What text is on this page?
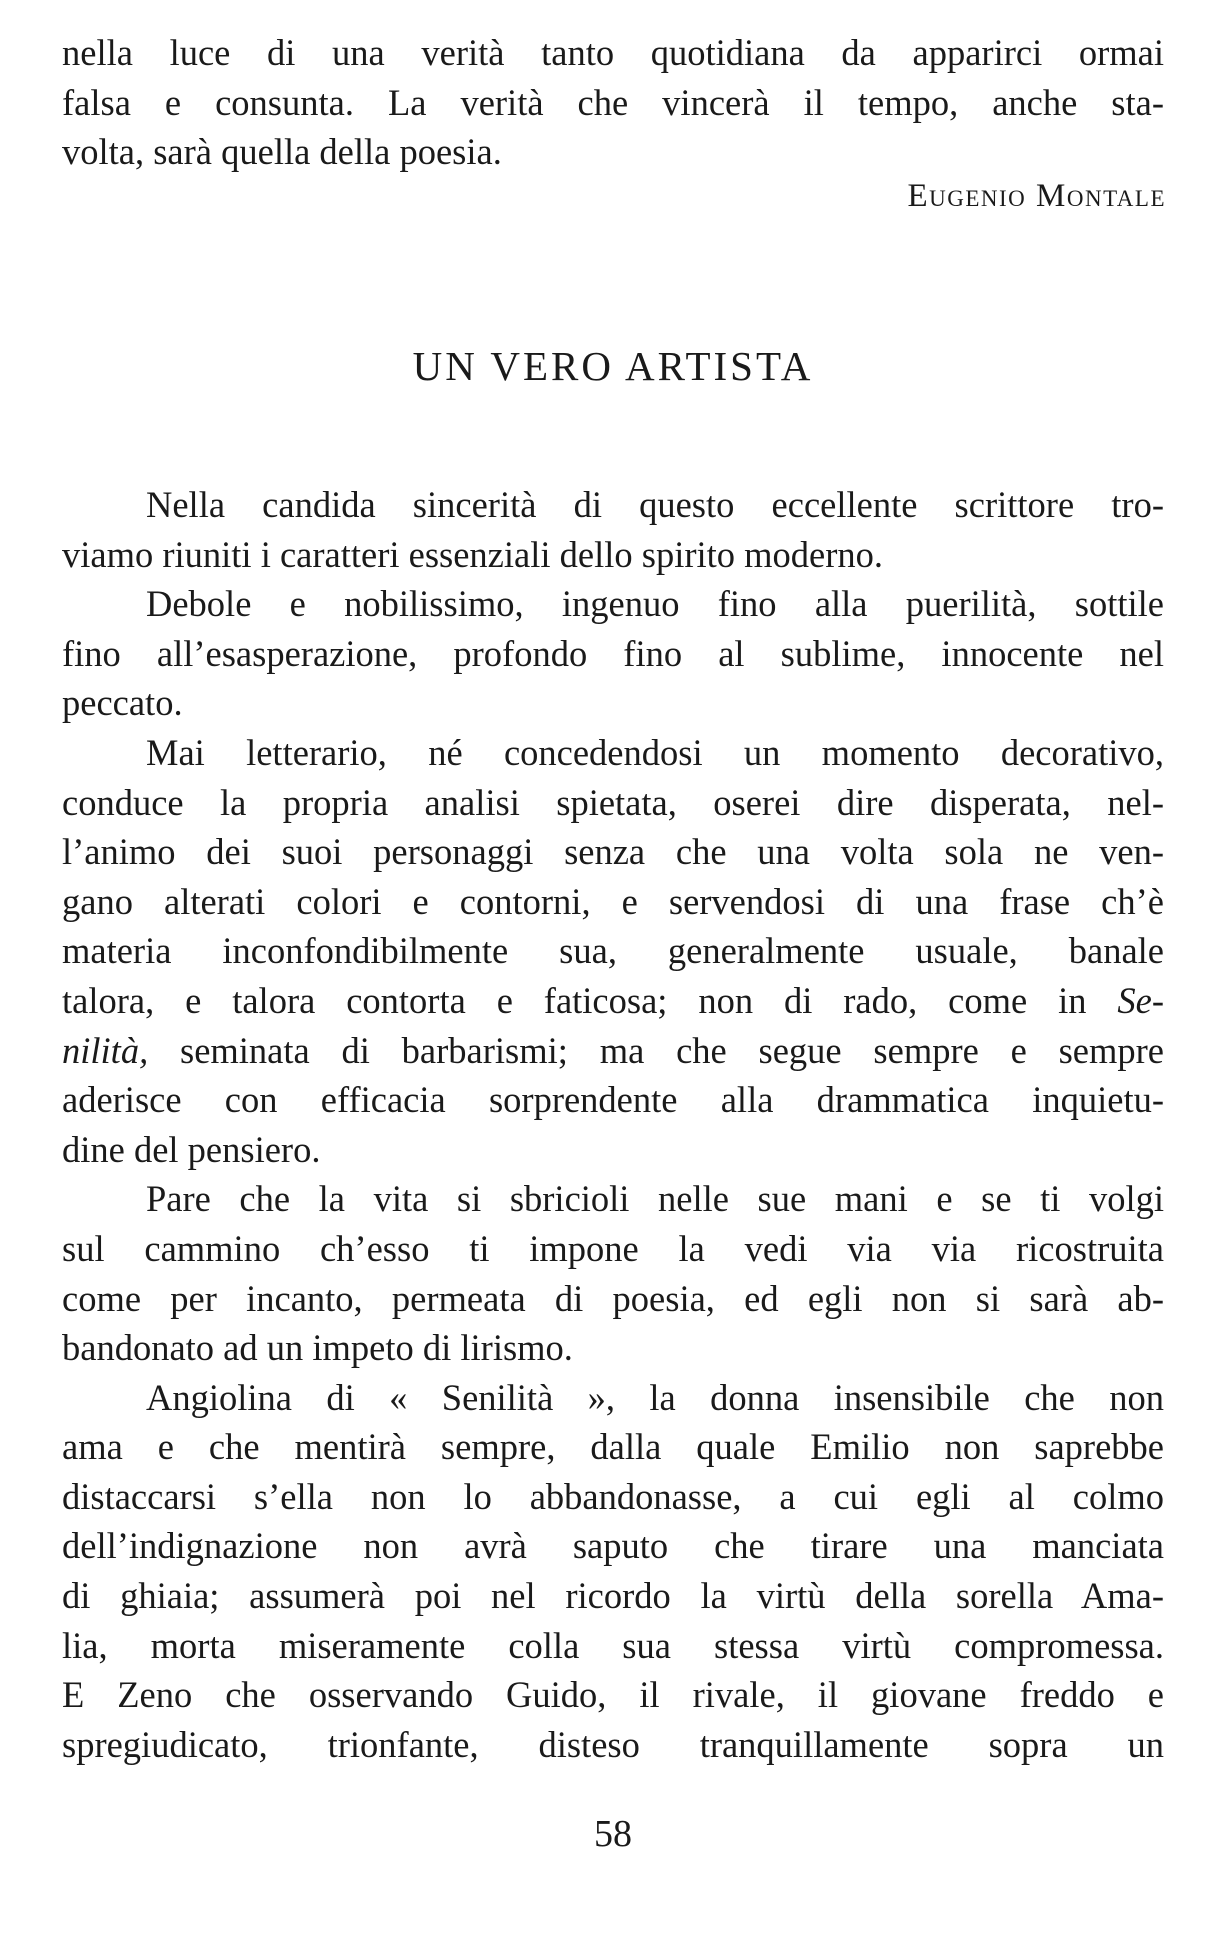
nella luce di una verità tanto quotidiana da apparirci ormai
falsa e consunta. La verità che vincerà il tempo, anche sta-
volta, sarà quella della poesia.
Eugenio Montale
UN VERO ARTISTA
Nella candida sincerità di questo eccellente scrittore tro-
viamo riuniti i caratteri essenziali dello spirito moderno.
Debole e nobilissimo, ingenuo fino alla puerilità, sottile
fino all’esasperazione, profondo fino al sublime, innocente nel
peccato.
Mai letterario, né concedendosi un momento decorativo,
conduce la propria analisi spietata, oserei dire disperata, nel-
l’animo dei suoi personaggi senza che una volta sola ne ven-
gano alterati colori e contorni, e servendosi di una frase ch’è
materia inconfondibilmente sua, generalmente usuale, banale
talora, e talora contorta e faticosa; non di rado, come in Se-
nilità, seminata di barbarismi; ma che segue sempre e sempre
aderisce con efficacia sorprendente alla drammatica inquietu-
dine del pensiero.
Pare che la vita si sbricioli nelle sue mani e se ti volgi
sul cammino ch’esso ti impone la vedi via via ricostruita
come per incanto, permeata di poesia, ed egli non si sarà ab-
bandonato ad un impeto di lirismo.
Angiolina di « Senilità », la donna insensibile che non
ama e che mentirà sempre, dalla quale Emilio non saprebbe
distaccarsi s’ella non lo abbandonasse, a cui egli al colmo
dell’indignazione non avrà saputo che tirare una manciata
di ghiaia; assumerà poi nel ricordo la virtù della sorella Ama-
lia, morta miseramente colla sua stessa virtù compromessa.
E Zeno che osservando Guido, il rivale, il giovane freddo e
spregiudicato, trionfante, disteso tranquillamente sopra un
58
